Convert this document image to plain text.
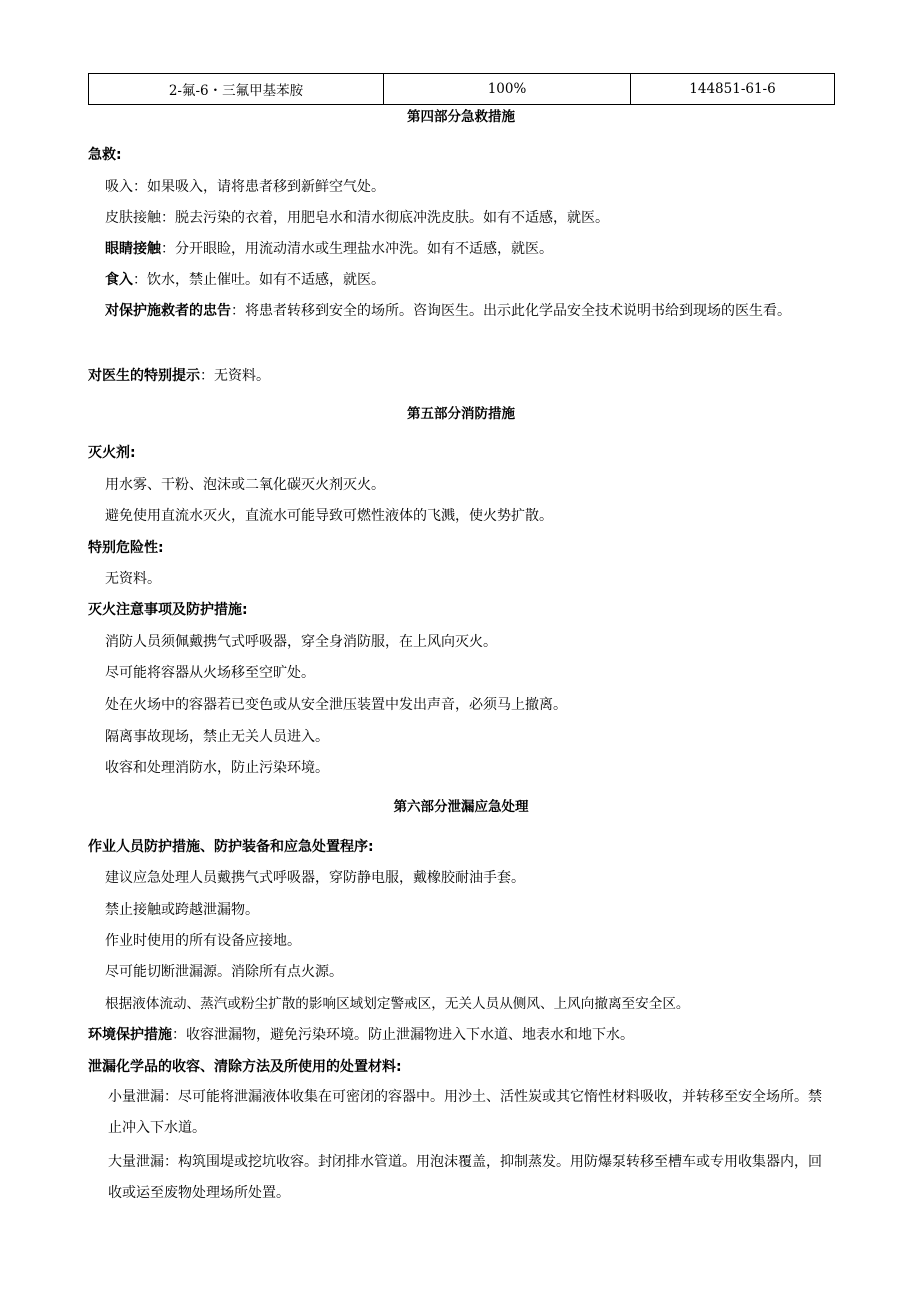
2-氟-6・三氟甲基苯胺	100%	144851-61-6
第四部分急救措施
急救:
吸入：如果吸入，请将患者移到新鲜空气处。
皮肤接触：脱去污染的衣着，用肥皂水和清水彻底冲洗皮肤。如有不适感，就医。
眼睛接触：分开眼睑，用流动清水或生理盐水冲洗。如有不适感，就医。
食入：饮水，禁止催吐。如有不适感，就医。
对保护施救者的忠告：将患者转移到安全的场所。咨询医生。出示此化学品安全技术说明书给到现场的医生看。
对医生的特别提示：无资料。
第五部分消防措施
灭火剂:
用水雾、干粉、泡沫或二氧化碳灭火剂灭火。
避免使用直流水灭火，直流水可能导致可燃性液体的飞溅，使火势扩散。
特别危险性:
无资料。
灭火注意事项及防护措施:
消防人员须佩戴携气式呼吸器，穿全身消防服，在上风向灭火。
尽可能将容器从火场移至空旷处。
处在火场中的容器若已变色或从安全泄压装置中发出声音，必须马上撤离。
隔离事故现场，禁止无关人员进入。
收容和处理消防水，防止污染环境。
第六部分泄漏应急处理
作业人员防护措施、防护装备和应急处置程序:
建议应急处理人员戴携气式呼吸器，穿防静电服，戴橡胶耐油手套。
禁止接触或跨越泄漏物。
作业时使用的所有设备应接地。
尽可能切断泄漏源。消除所有点火源。
根据液体流动、蒸汽或粉尘扩散的影响区域划定警戒区，无关人员从侧风、上风向撤离至安全区。
环境保护措施：收容泄漏物，避免污染环境。防止泄漏物进入下水道、地表水和地下水。
泄漏化学品的收容、清除方法及所使用的处置材料:
小量泄漏：尽可能将泄漏液体收集在可密闭的容器中。用沙土、活性炭或其它惰性材料吸收，并转移至安全场所。禁止冲入下水道。
大量泄漏：构筑围堤或挖坑收容。封闭排水管道。用泡沫覆盖，抑制蒸发。用防爆泵转移至槽车或专用收集器内，回收或运至废物处理场所处置。
